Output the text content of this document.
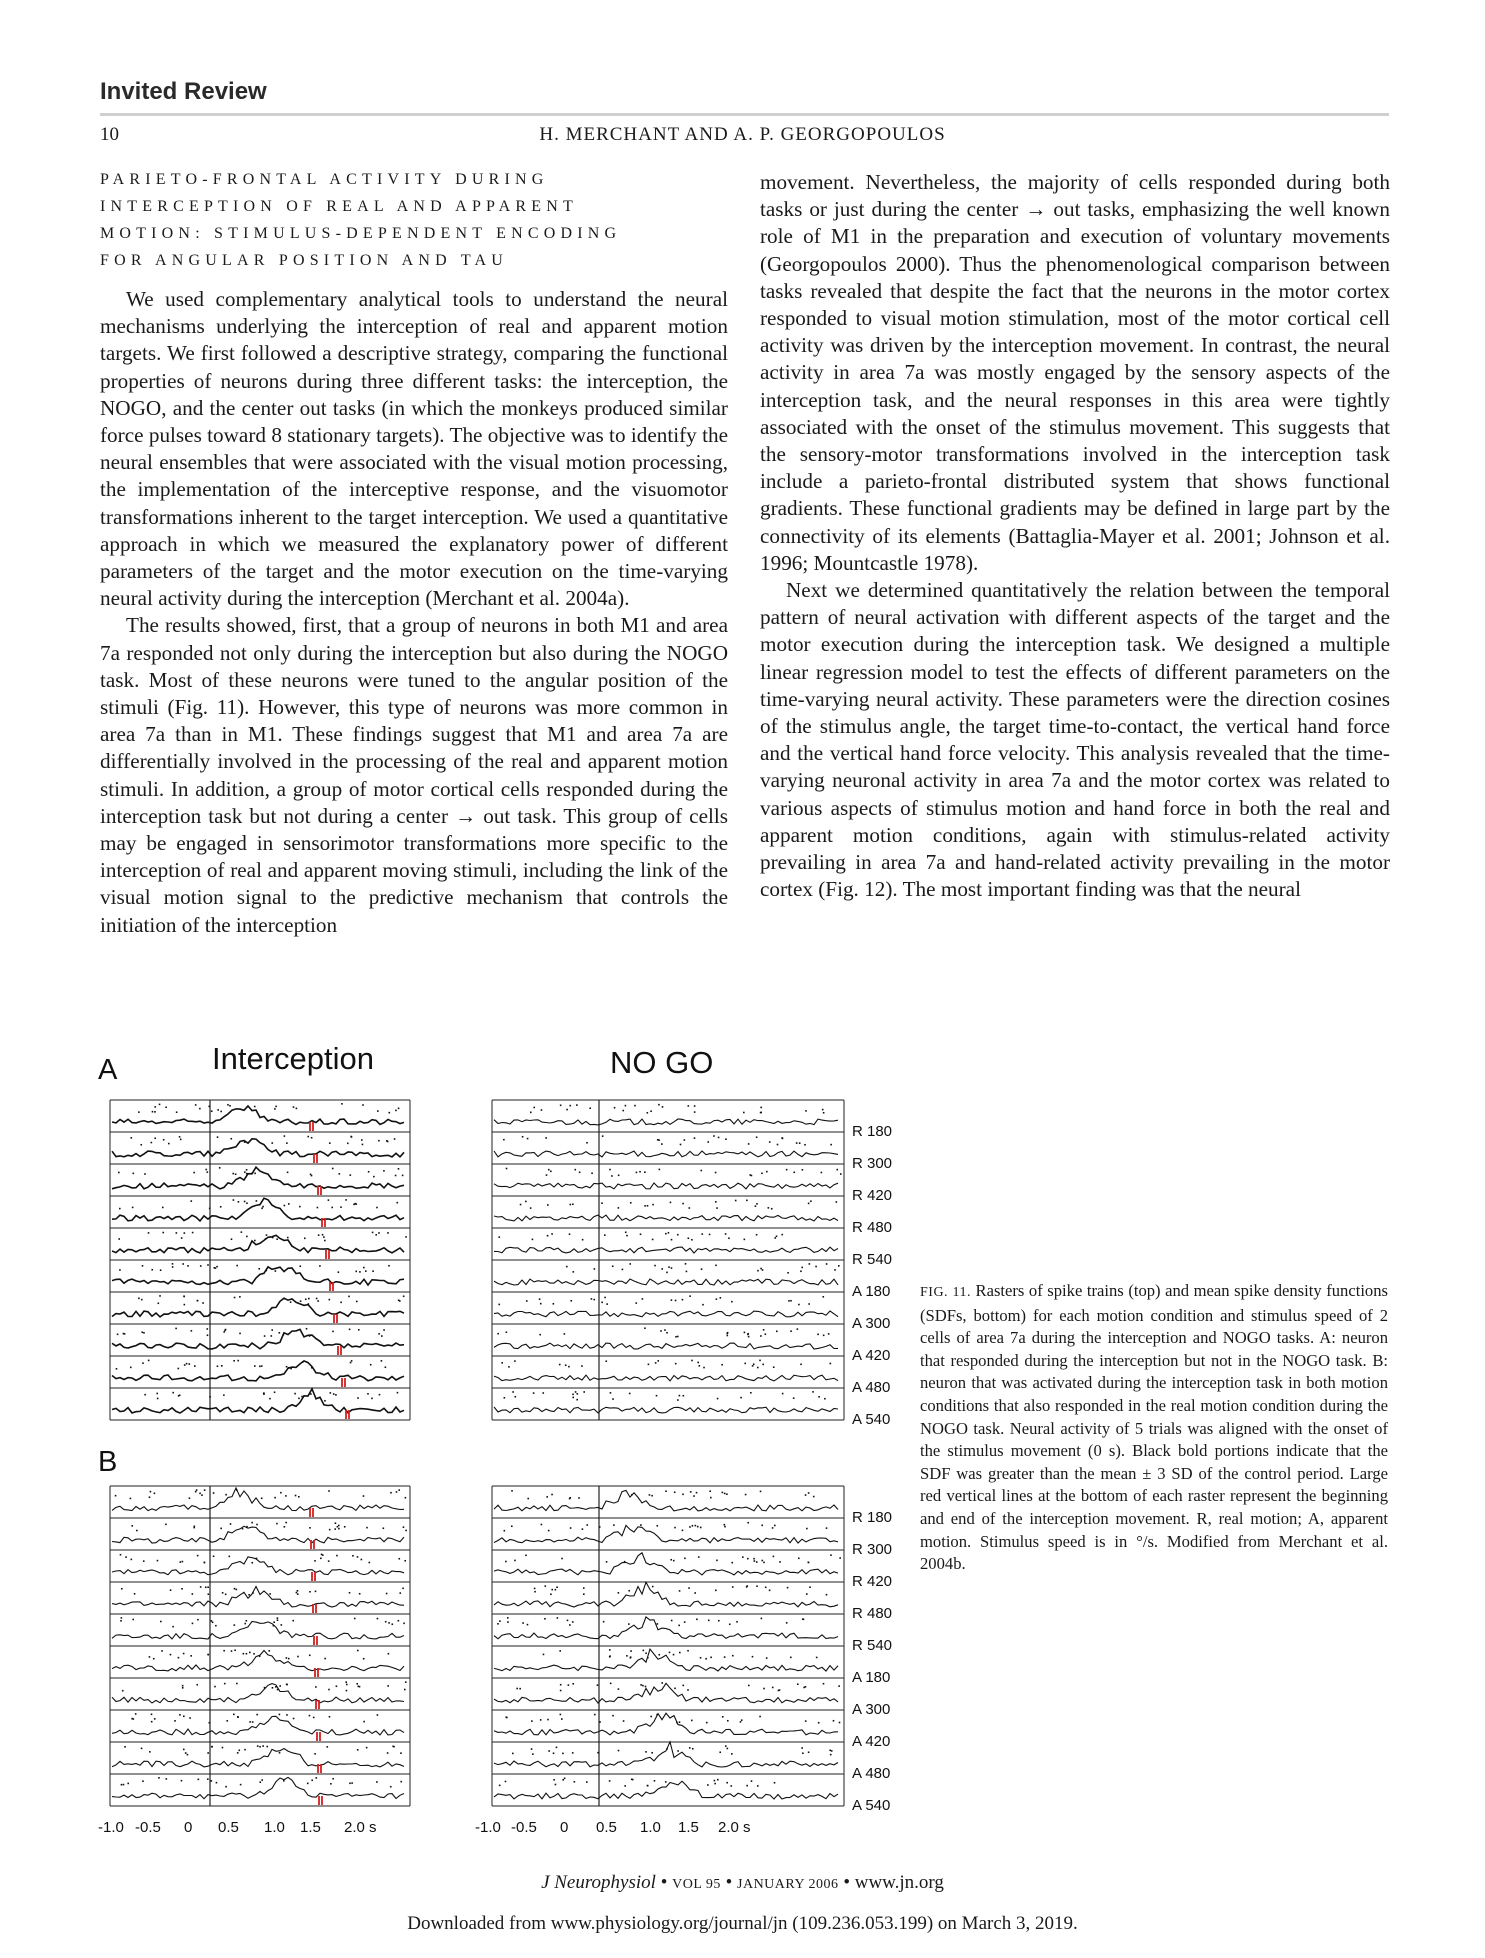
Invited Review
10	H. MERCHANT AND A. P. GEORGOPOULOS
PARIETO-FRONTAL ACTIVITY DURING
INTERCEPTION OF REAL AND APPARENT
MOTION: STIMULUS-DEPENDENT ENCODING
FOR ANGULAR POSITION AND TAU

We used complementary analytical tools to understand the neural mechanisms underlying the interception of real and apparent motion targets. We first followed a descriptive strategy, comparing the functional properties of neurons during three different tasks: the interception, the NOGO, and the center out tasks (in which the monkeys produced similar force pulses toward 8 stationary targets). The objective was to identify the neural ensembles that were associated with the visual motion processing, the implementation of the interceptive response, and the visuomotor transformations inherent to the target interception. We used a quantitative approach in which we measured the explanatory power of different parameters of the target and the motor execution on the time-varying neural activity during the interception (Merchant et al. 2004a).

The results showed, first, that a group of neurons in both M1 and area 7a responded not only during the interception but also during the NOGO task. Most of these neurons were tuned to the angular position of the stimuli (Fig. 11). However, this type of neurons was more common in area 7a than in M1. These findings suggest that M1 and area 7a are differentially involved in the processing of the real and apparent motion stimuli. In addition, a group of motor cortical cells responded during the interception task but not during a center → out task. This group of cells may be engaged in sensorimotor transformations more specific to the interception of real and apparent moving stimuli, including the link of the visual motion signal to the predictive mechanism that controls the initiation of the interception

movement. Nevertheless, the majority of cells responded during both tasks or just during the center → out tasks, emphasizing the well known role of M1 in the preparation and execution of voluntary movements (Georgopoulos 2000). Thus the phenomenological comparison between tasks revealed that despite the fact that the neurons in the motor cortex responded to visual motion stimulation, most of the motor cortical cell activity was driven by the interception movement. In contrast, the neural activity in area 7a was mostly engaged by the sensory aspects of the interception task, and the neural responses in this area were tightly associated with the onset of the stimulus movement. This suggests that the sensory-motor transformations involved in the interception task include a parieto-frontal distributed system that shows functional gradients. These functional gradients may be defined in large part by the connectivity of its elements (Battaglia-Mayer et al. 2001; Johnson et al. 1996; Mountcastle 1978).

Next we determined quantitatively the relation between the temporal pattern of neural activation with different aspects of the target and the motor execution during the interception task. We designed a multiple linear regression model to test the effects of different parameters on the time-varying neural activity. These parameters were the direction cosines of the stimulus angle, the target time-to-contact, the vertical hand force and the vertical hand force velocity. This analysis revealed that the time-varying neuronal activity in area 7a and the motor cortex was related to various aspects of stimulus motion and hand force in both the real and apparent motion conditions, again with stimulus-related activity prevailing in area 7a and hand-related activity prevailing in the motor cortex (Fig. 12). The most important finding was that the neural

A	Interception	NO GO
B
R 180
R 300
R 420
R 480
R 540
A 180
A 300
A 420
A 480
A 540
R 180
R 300
R 420
R 480
R 540
A 180
A 300
A 420
A 480
A 540
-1.0	-1.0
-0.5	-0.5
0	0
0.5	0.5
1.0	1.0
1.5	1.5
2.0 s	2.0 s
FIG. 11. Rasters of spike trains (top) and mean spike density functions (SDFs, bottom) for each motion condition and stimulus speed of 2 cells of area 7a during the interception and NOGO tasks. A: neuron that responded during the interception but not in the NOGO task. B: neuron that was activated during the interception task in both motion conditions that also responded in the real motion condition during the NOGO task. Neural activity of 5 trials was aligned with the onset of the stimulus movement (0 s). Black bold portions indicate that the SDF was greater than the mean ± 3 SD of the control period. Large red vertical lines at the bottom of each raster represent the beginning and end of the interception movement. R, real motion; A, apparent motion. Stimulus speed is in °/s. Modified from Merchant et al. 2004b.
J Neurophysiol • VOL 95 • JANUARY 2006 • www.jn.org
Downloaded from www.physiology.org/journal/jn (109.236.053.199) on March 3, 2019.
